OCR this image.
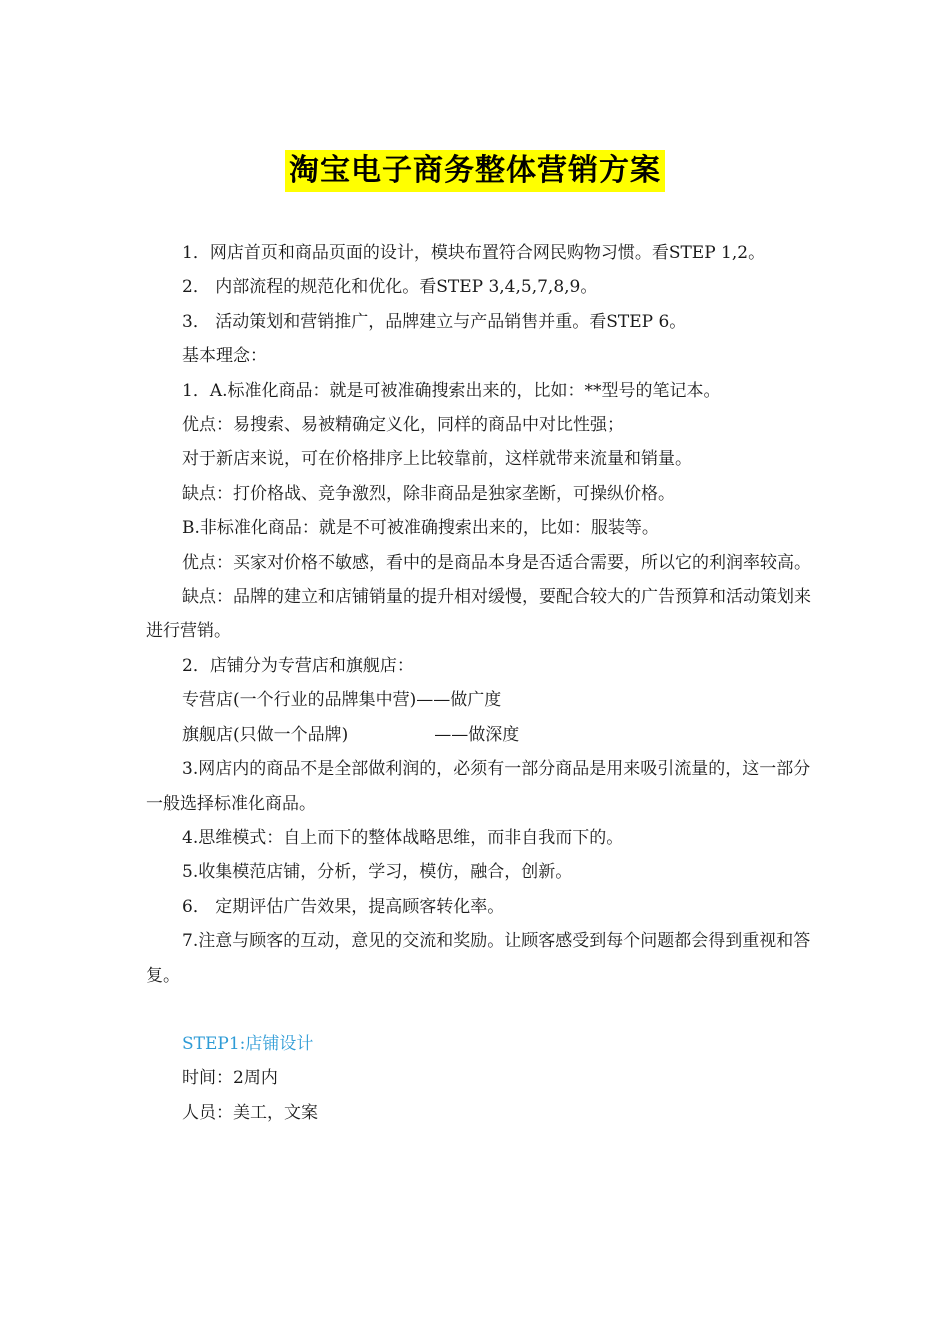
淘宝电子商务整体营销方案
1．网店首页和商品页面的设计，模块布置符合网民购物习惯。看STEP 1,2。
2． 内部流程的规范化和优化。看STEP 3,4,5,7,8,9。
3． 活动策划和营销推广，品牌建立与产品销售并重。看STEP 6。
基本理念：
1．A.标准化商品：就是可被准确搜索出来的，比如：**型号的笔记本。
优点：易搜索、易被精确定义化，同样的商品中对比性强；
对于新店来说，可在价格排序上比较靠前，这样就带来流量和销量。
缺点：打价格战、竞争激烈，除非商品是独家垄断，可操纵价格。
B.非标准化商品：就是不可被准确搜索出来的，比如：服装等。
优点：买家对价格不敏感，看中的是商品本身是否适合需要，所以它的利润率较高。
缺点：品牌的建立和店铺销量的提升相对缓慢，要配合较大的广告预算和活动策划来进行营销。
2．店铺分为专营店和旗舰店：
专营店(一个行业的品牌集中营)——做广度
旗舰店(只做一个品牌)	——做深度
3.网店内的商品不是全部做利润的，必须有一部分商品是用来吸引流量的，这一部分一般选择标准化商品。
4.思维模式：自上而下的整体战略思维，而非自我而下的。
5.收集模范店铺，分析，学习，模仿，融合，创新。
6． 定期评估广告效果，提高顾客转化率。
7.注意与顾客的互动，意见的交流和奖励。让顾客感受到每个问题都会得到重视和答复。
STEP1:店铺设计
时间：2周内
人员：美工，文案
